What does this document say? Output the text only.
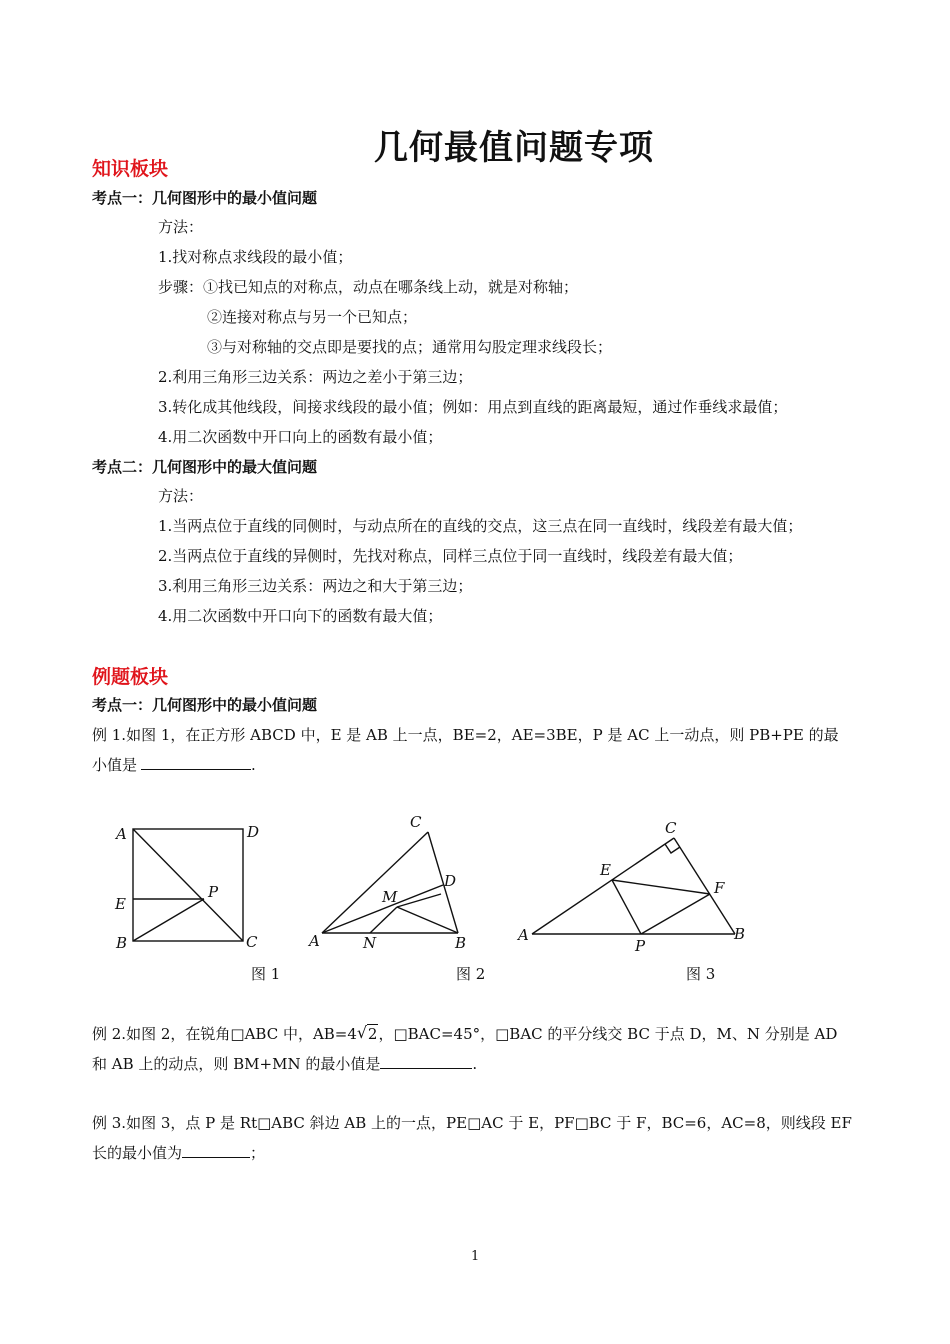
几何最值问题专项
知识板块
考点一：几何图形中的最小值问题
方法：
1.找对称点求线段的最小值；
步骤：①找已知点的对称点，动点在哪条线上动，就是对称轴；
②连接对称点与另一个已知点；
③与对称轴的交点即是要找的点；通常用勾股定理求线段长；
2.利用三角形三边关系：两边之差小于第三边；
3.转化成其他线段，间接求线段的最小值；例如：用点到直线的距离最短，通过作垂线求最值；
4.用二次函数中开口向上的函数有最小值；
考点二：几何图形中的最大值问题
方法：
1.当两点位于直线的同侧时，与动点所在的直线的交点，这三点在同一直线时，线段差有最大值；
2.当两点位于直线的异侧时，先找对称点，同样三点位于同一直线时，线段差有最大值；
3.利用三角形三边关系：两边之和大于第三边；
4.用二次函数中开口向下的函数有最大值；
例题板块
考点一：几何图形中的最小值问题
例 1.如图 1，在正方形 ABCD 中，E 是 AB 上一点，BE=2，AE=3BE，P 是 AC 上一动点，则 PB+PE 的最
小值是	.
A	D
E
P
B	C
图 1
C
D
M
A	N	B
图 2
C
E
F
A
P
B
图 3
例 2.如图 2，在锐角□ABC 中，AB=4 √ 2，□BAC=45°，□BAC 的平分线交 BC 于点 D，M、N 分别是 AD
和 AB 上的动点，则 BM+MN 的最小值是	.
例 3.如图 3，点 P 是 Rt□ABC 斜边 AB 上的一点，PE□AC 于 E，PF□BC 于 F，BC=6，AC=8，则线段 EF
长的最小值为	；
1
